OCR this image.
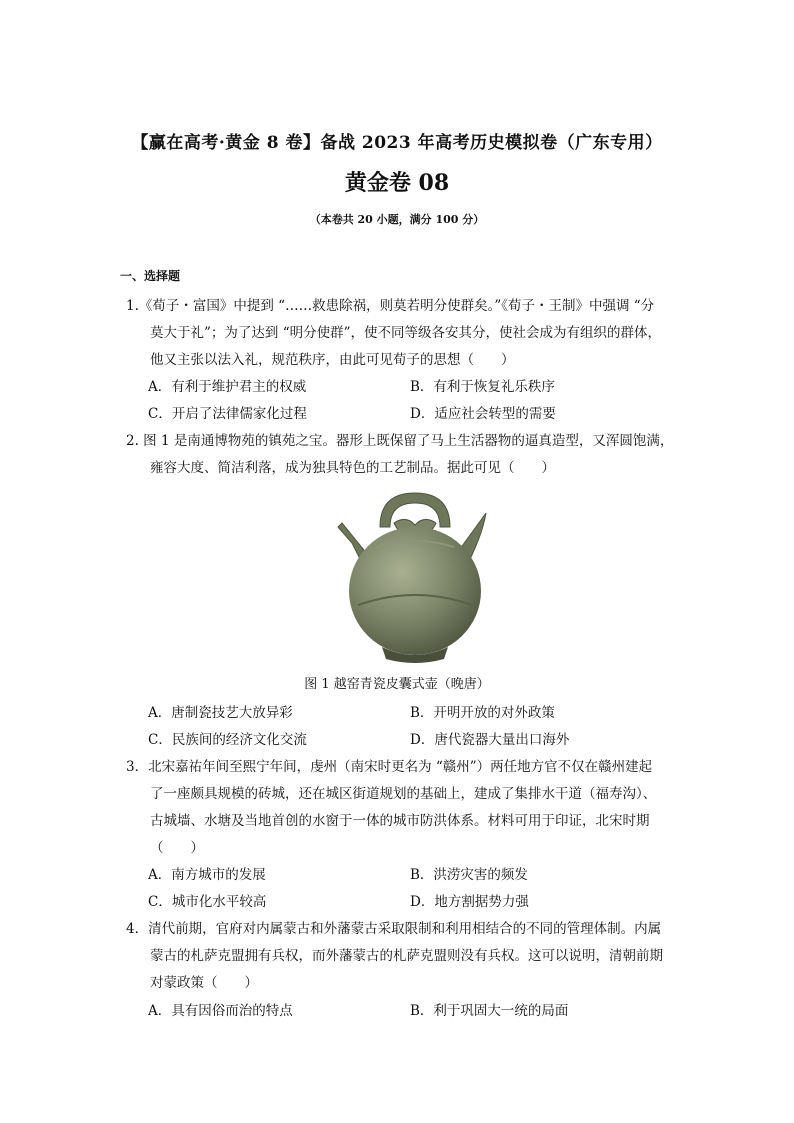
【赢在高考·黄金 8 卷】备战 2023 年高考历史模拟卷（广东专用）
黄金卷 08
（本卷共 20 小题，满分 100 分）
一、选择题
1.《荀子・富国》中提到 “……救患除祸，则莫若明分使群矣。”《荀子・王制》中强调 “分
莫大于礼”；为了达到 “明分使群”，使不同等级各安其分，使社会成为有组织的群体，
他又主张以法入礼，规范秩序，由此可见荀子的思想（　　）
A．有利于维护君主的权威	B．有利于恢复礼乐秩序
C．开启了法律儒家化过程	D．适应社会转型的需要
2. 图 1 是南通博物苑的镇苑之宝。器形上既保留了马上生活器物的逼真造型，又浑圆饱满，
雍容大度、简洁利落，成为独具特色的工艺制品。据此可见（　　）
图 1 越窑青瓷皮囊式壶（晚唐）
A．唐制瓷技艺大放异彩	B．开明开放的对外政策
C．民族间的经济文化交流	D．唐代瓷器大量出口海外
3．北宋嘉祐年间至熙宁年间，虔州（南宋时更名为 “赣州”）两任地方官不仅在赣州建起
了一座颇具规模的砖城，还在城区街道规划的基础上，建成了集排水干道（福寿沟）、
古城墙、水塘及当地首创的水窗于一体的城市防洪体系。材料可用于印证，北宋时期
（　　）
A．南方城市的发展	B．洪涝灾害的频发
C．城市化水平较高	D．地方割据势力强
4．清代前期，官府对内属蒙古和外藩蒙古采取限制和利用相结合的不同的管理体制。内属
蒙古的札萨克盟拥有兵权，而外藩蒙古的札萨克盟则没有兵权。这可以说明，清朝前期
对蒙政策（　　）
A．具有因俗而治的特点	B．利于巩固大一统的局面
